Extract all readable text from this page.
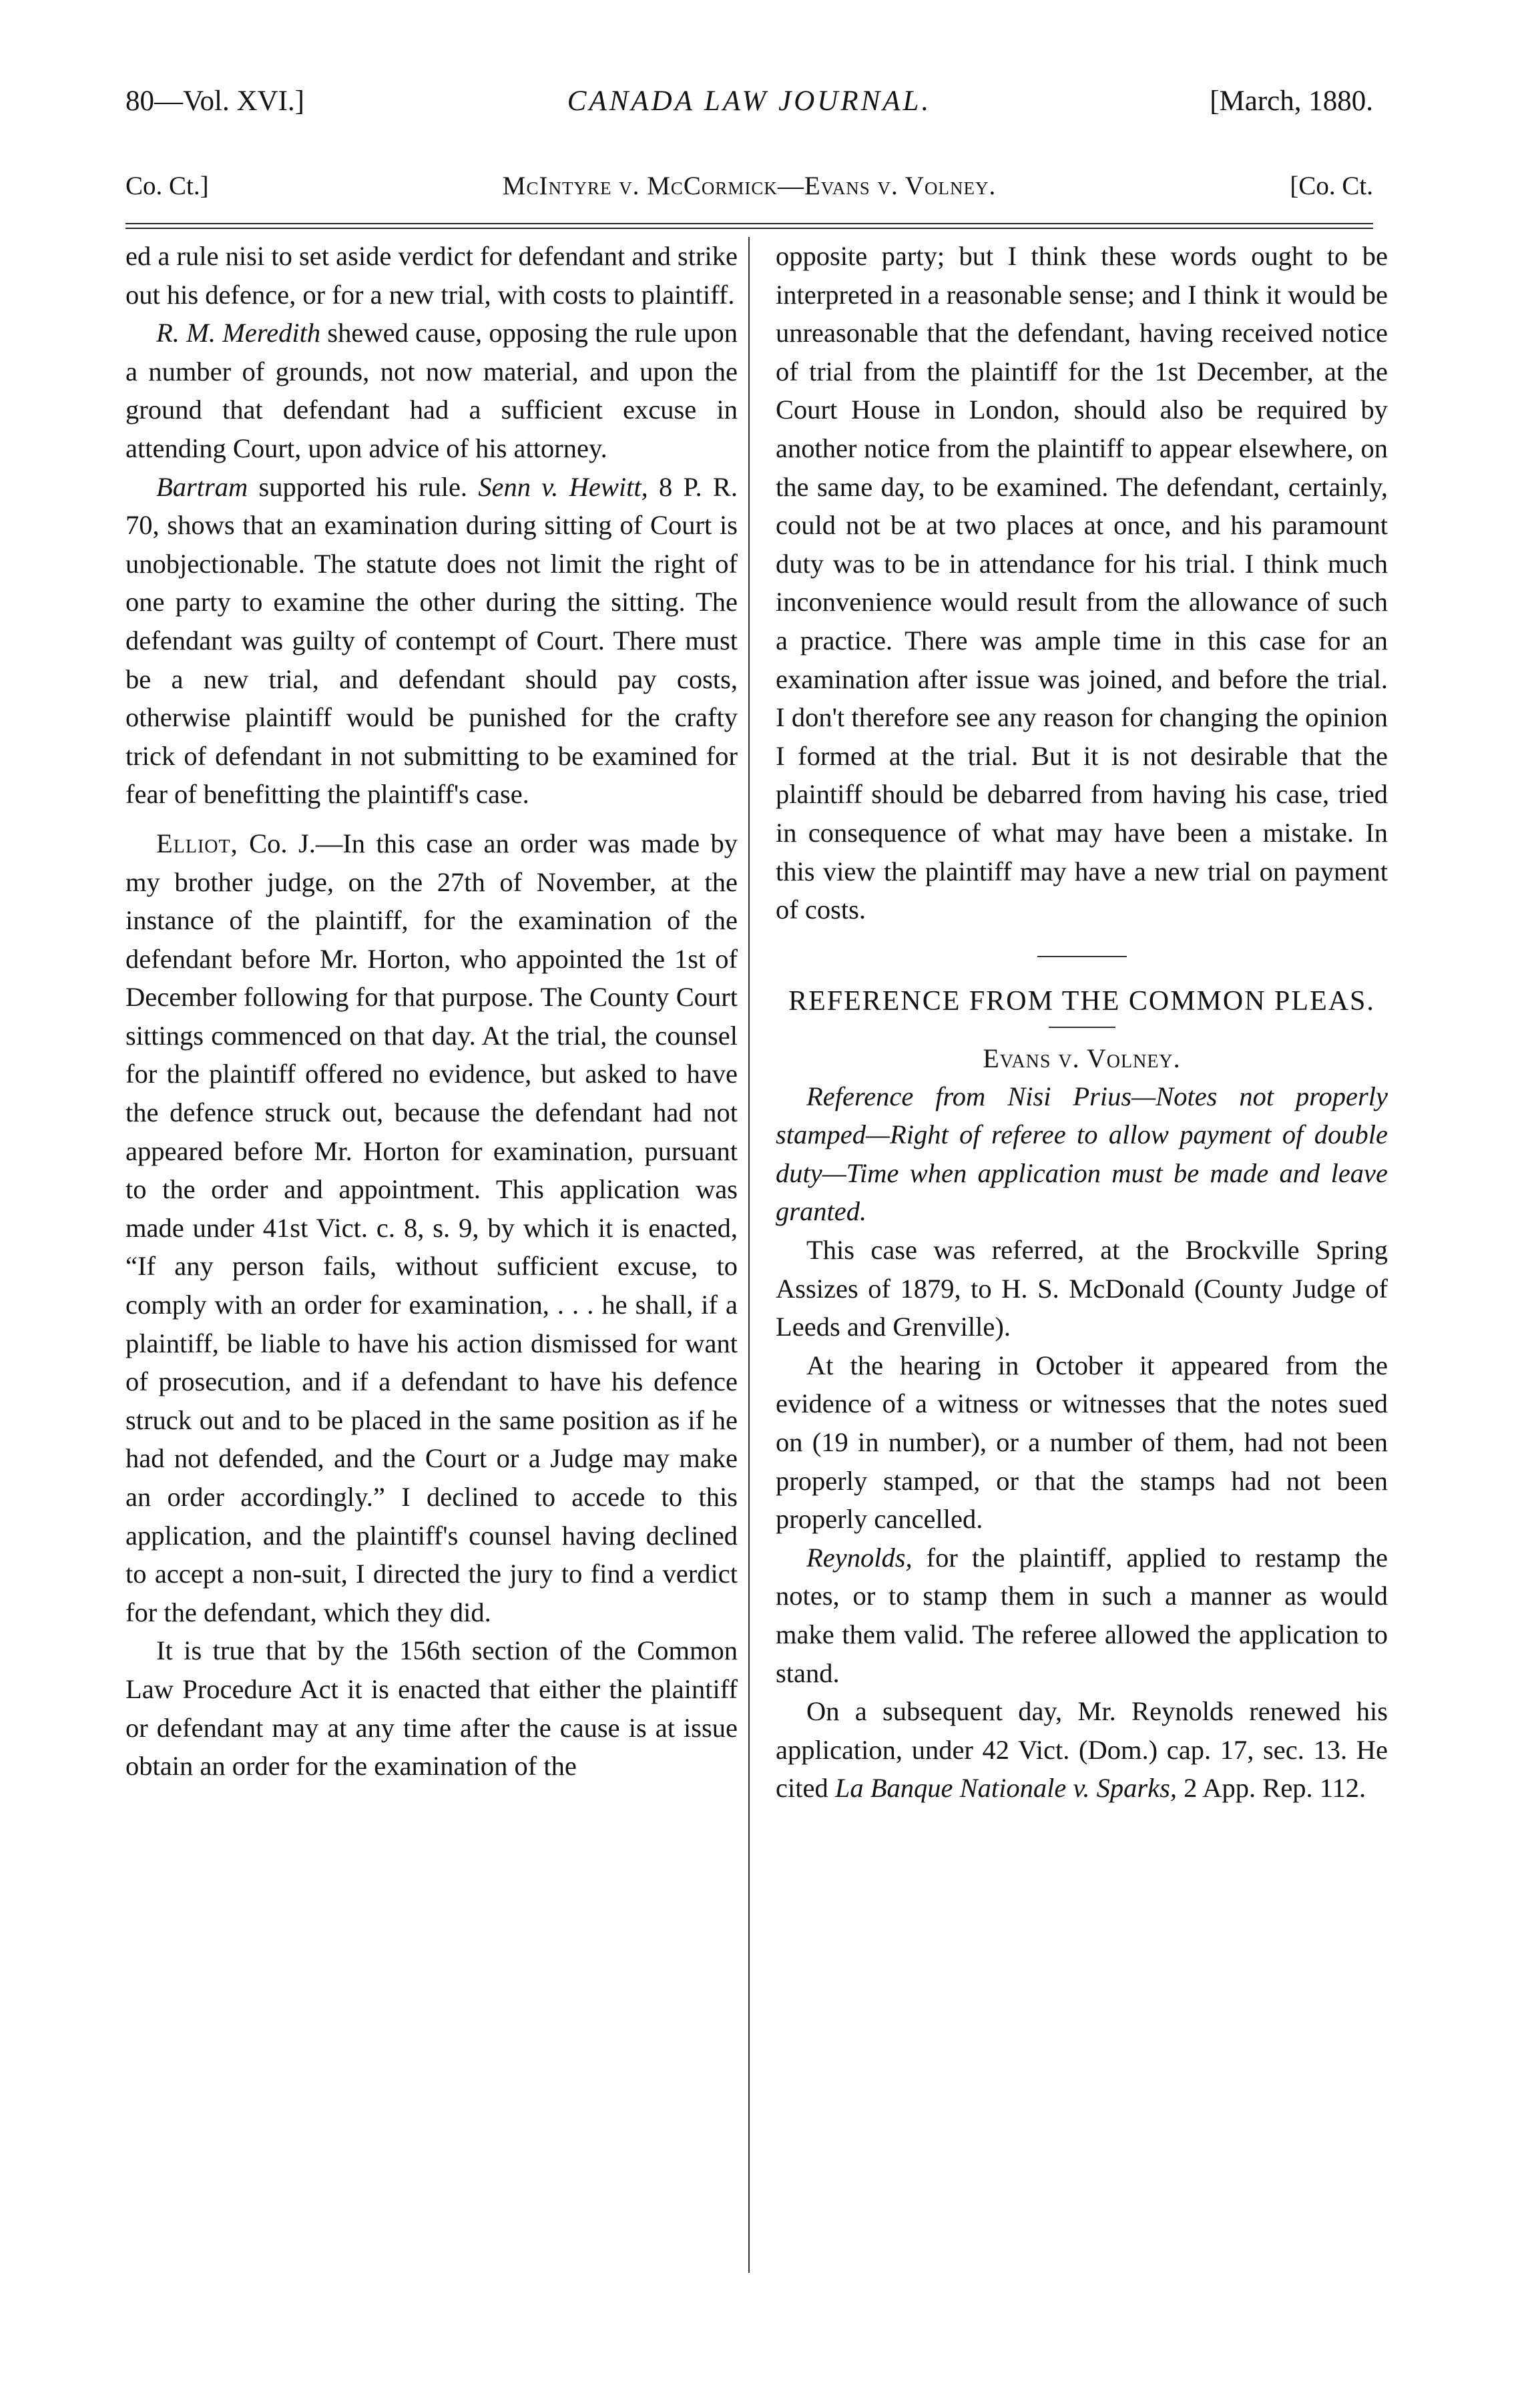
80—Vol. XVI.]	CANADA LAW JOURNAL.	[March, 1880.
Co. Ct.]	McIntyre v. McCormick—Evans v. Volney.	[Co. Ct.

ed a rule nisi to set aside verdict for defendant and strike out his defence, or for a new trial, with costs to plaintiff.

R. M. Meredith shewed cause, opposing the rule upon a number of grounds, not now material, and upon the ground that defendant had a sufficient excuse in attending Court, upon advice of his attorney.

Bartram supported his rule. Senn v. Hewitt, 8 P. R. 70, shows that an examination during sitting of Court is unobjectionable. The statute does not limit the right of one party to examine the other during the sitting. The defendant was guilty of contempt of Court. There must be a new trial, and defendant should pay costs, otherwise plaintiff would be punished for the crafty trick of defendant in not submitting to be examined for fear of benefitting the plaintiff's case.

Elliot, Co. J.—In this case an order was made by my brother judge, on the 27th of November, at the instance of the plaintiff, for the examination of the defendant before Mr. Horton, who appointed the 1st of December following for that purpose. The County Court sittings commenced on that day. At the trial, the counsel for the plaintiff offered no evidence, but asked to have the defence struck out, because the defendant had not appeared before Mr. Horton for examination, pursuant to the order and appointment. This application was made under 41st Vict. c. 8, s. 9, by which it is enacted, “If any person fails, without sufficient excuse, to comply with an order for examination, . . . he shall, if a plaintiff, be liable to have his action dismissed for want of prosecution, and if a defendant to have his defence struck out and to be placed in the same position as if he had not defended, and the Court or a Judge may make an order accordingly.” I declined to accede to this application, and the plaintiff's counsel having declined to accept a non-suit, I directed the jury to find a verdict for the defendant, which they did.

It is true that by the 156th section of the Common Law Procedure Act it is enacted that either the plaintiff or defendant may at any time after the cause is at issue obtain an order for the examination of the

opposite party; but I think these words ought to be interpreted in a reasonable sense; and I think it would be unreasonable that the defendant, having received notice of trial from the plaintiff for the 1st December, at the Court House in London, should also be required by another notice from the plaintiff to appear elsewhere, on the same day, to be examined. The defendant, certainly, could not be at two places at once, and his paramount duty was to be in attendance for his trial. I think much inconvenience would result from the allowance of such a practice. There was ample time in this case for an examination after issue was joined, and before the trial. I don't therefore see any reason for changing the opinion I formed at the trial. But it is not desirable that the plaintiff should be debarred from having his case, tried in consequence of what may have been a mistake. In this view the plaintiff may have a new trial on payment of costs.

REFERENCE FROM THE COMMON PLEAS.

Evans v. Volney.

Reference from Nisi Prius—Notes not properly stamped—Right of referee to allow payment of double duty—Time when application must be made and leave granted.

This case was referred, at the Brockville Spring Assizes of 1879, to H. S. McDonald (County Judge of Leeds and Grenville).

At the hearing in October it appeared from the evidence of a witness or witnesses that the notes sued on (19 in number), or a number of them, had not been properly stamped, or that the stamps had not been properly cancelled.

Reynolds, for the plaintiff, applied to restamp the notes, or to stamp them in such a manner as would make them valid. The referee allowed the application to stand.

On a subsequent day, Mr. Reynolds renewed his application, under 42 Vict. (Dom.) cap. 17, sec. 13. He cited La Banque Nationale v. Sparks, 2 App. Rep. 112.
